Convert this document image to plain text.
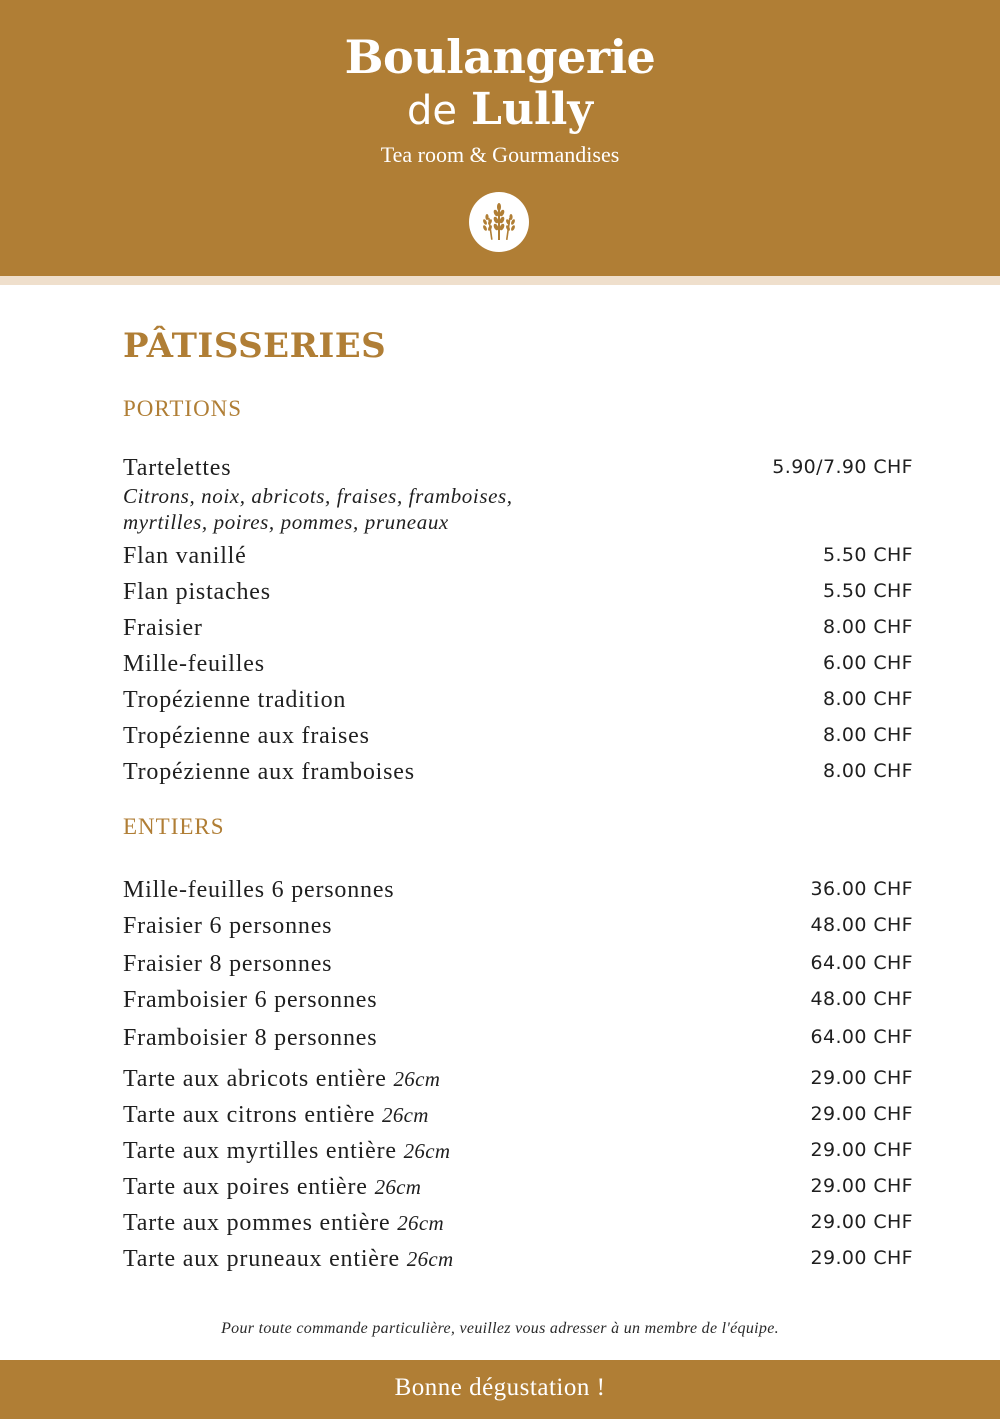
Boulangerie
de Lully
Tea room & Gourmandises
PÂTISSERIES
PORTIONS
Tartelettes	5.90/7.90 CHF
Citrons, noix, abricots, fraises, framboises,
myrtilles, poires, pommes, pruneaux
Flan vanillé	5.50 CHF
Flan pistaches	5.50 CHF
Fraisier	8.00 CHF
Mille-feuilles	6.00 CHF
Tropézienne tradition	8.00 CHF
Tropézienne aux fraises	8.00 CHF
Tropézienne aux framboises	8.00 CHF
ENTIERS
Mille-feuilles 6 personnes	36.00 CHF
Fraisier 6 personnes	48.00 CHF
Fraisier 8 personnes	64.00 CHF
Framboisier 6 personnes	48.00 CHF
Framboisier 8 personnes	64.00 CHF
Tarte aux abricots entière 26cm	29.00 CHF
Tarte aux citrons entière 26cm	29.00 CHF
Tarte aux myrtilles entière 26cm	29.00 CHF
Tarte aux poires entière 26cm	29.00 CHF
Tarte aux pommes entière 26cm	29.00 CHF
Tarte aux pruneaux entière 26cm	29.00 CHF
Pour toute commande particulière, veuillez vous adresser à un membre de l'équipe.
Bonne dégustation !
